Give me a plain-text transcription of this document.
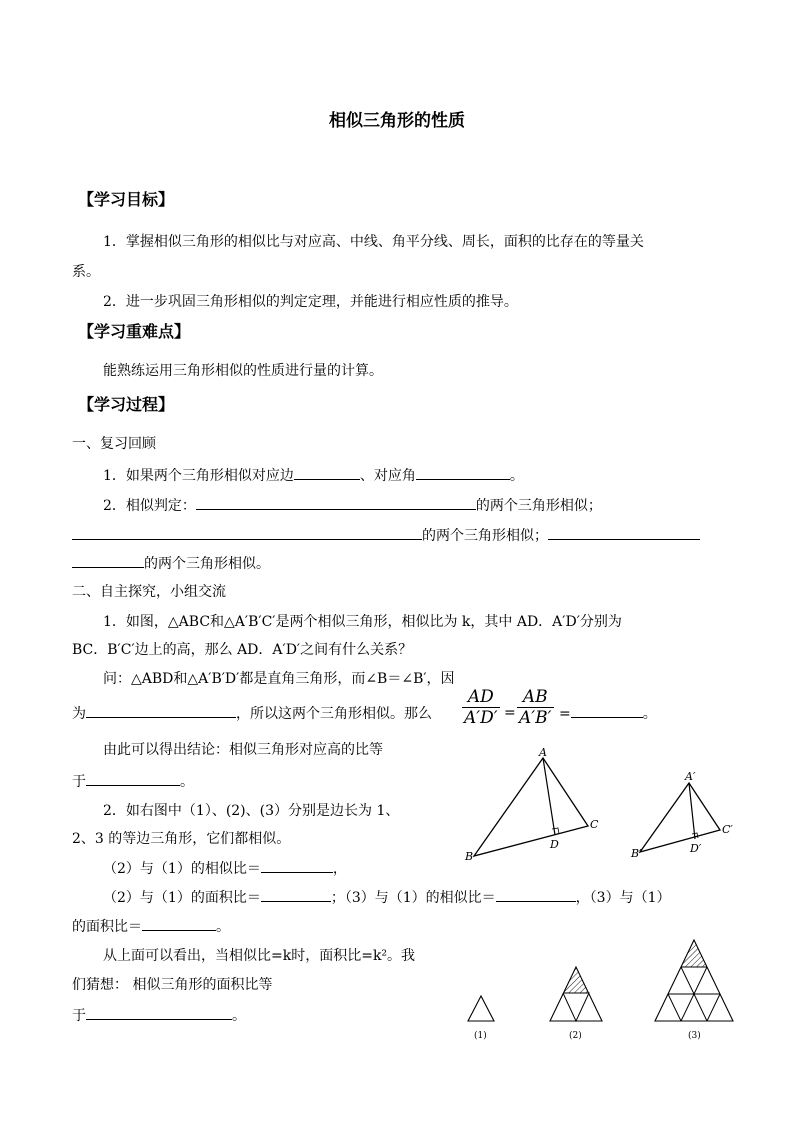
相似三角形的性质
【学习目标】
1．掌握相似三角形的相似比与对应高、中线、角平分线、周长，面积的比存在的等量关
系。
2．进一步巩固三角形相似的判定定理，并能进行相应性质的推导。
【学习重难点】
能熟练运用三角形相似的性质进行量的计算。
【学习过程】
一、复习回顾
1．如果两个三角形相似对应边	、对应角	。
2．相似判定：	的两个三角形相似；
的两个三角形相似；
的两个三角形相似。
二、自主探究，小组交流
1．如图，△ABC和△A′B′C′是两个相似三角形，相似比为 k，其中 AD．A′D′分别为
BC．B′C′边上的高，那么 AD．A′D′之间有什么关系？
问：△ABD和△A′B′D′都是直角三角形，而∠B＝∠B′，因
为	，所以这两个三角形相似。那么 $\frac{AD}{A'D'} = \frac{AB}{A'B'}$ =	。
由此可以得出结论：相似三角形对应高的比等
于	。
2．如右图中（1）、(2)、(3）分别是边长为 1、
2、3 的等边三角形，它们都相似。
（2）与（1）的相似比＝	，
（2）与（1）的面积比＝	；（3）与（1）的相似比＝	，（3）与（1）
的面积比＝	。
从上面可以看出，当相似比=k时，面积比=k²。我
们猜想： 相似三角形的面积比等
于	。
A
B
C
D
A′
B′
C′
D′
(1)	(2)	(3)
